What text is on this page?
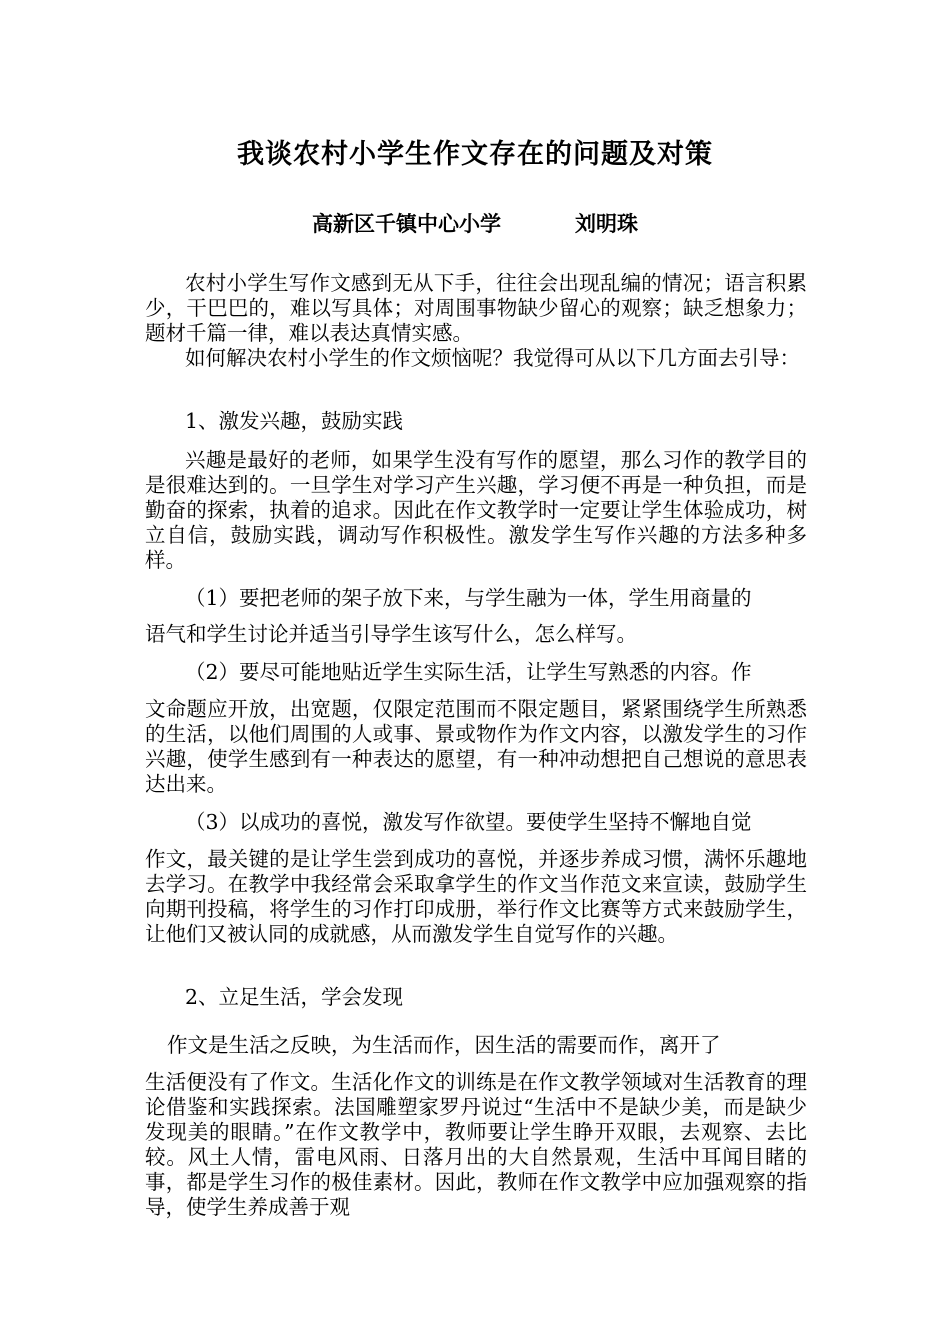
我谈农村小学生作文存在的问题及对策
高新区千镇中心小学	刘明珠
农村小学生写作文感到无从下手，往往会出现乱编的情况；语言积累少，干巴巴的，难以写具体；对周围事物缺少留心的观察；缺乏想象力；题材千篇一律，难以表达真情实感。
如何解决农村小学生的作文烦恼呢？我觉得可从以下几方面去引导：
1、激发兴趣，鼓励实践
兴趣是最好的老师，如果学生没有写作的愿望，那么习作的教学目的是很难达到的。一旦学生对学习产生兴趣，学习便不再是一种负担，而是勤奋的探索，执着的追求。因此在作文教学时一定要让学生体验成功，树立自信，鼓励实践，调动写作积极性。激发学生写作兴趣的方法多种多样。
（1）要把老师的架子放下来，与学生融为一体，学生用商量的
语气和学生讨论并适当引导学生该写什么，怎么样写。
（2）要尽可能地贴近学生实际生活，让学生写熟悉的内容。作
文命题应开放，出宽题，仅限定范围而不限定题目，紧紧围绕学生所熟悉的生活，以他们周围的人或事、景或物作为作文内容，以激发学生的习作兴趣，使学生感到有一种表达的愿望，有一种冲动想把自己想说的意思表达出来。
（3）以成功的喜悦，激发写作欲望。要使学生坚持不懈地自觉
作文，最关键的是让学生尝到成功的喜悦，并逐步养成习惯，满怀乐趣地去学习。在教学中我经常会采取拿学生的作文当作范文来宣读，鼓励学生向期刊投稿，将学生的习作打印成册，举行作文比赛等方式来鼓励学生，让他们又被认同的成就感，从而激发学生自觉写作的兴趣。
2、立足生活，学会发现
作文是生活之反映，为生活而作，因生活的需要而作，离开了
生活便没有了作文。生活化作文的训练是在作文教学领域对生活教育的理论借鉴和实践探索。法国雕塑家罗丹说过“生活中不是缺少美，而是缺少发现美的眼睛。”在作文教学中，教师要让学生睁开双眼，去观察、去比较。风土人情，雷电风雨、日落月出的大自然景观，生活中耳闻目睹的事，都是学生习作的极佳素材。因此，教师在作文教学中应加强观察的指导，使学生养成善于观
